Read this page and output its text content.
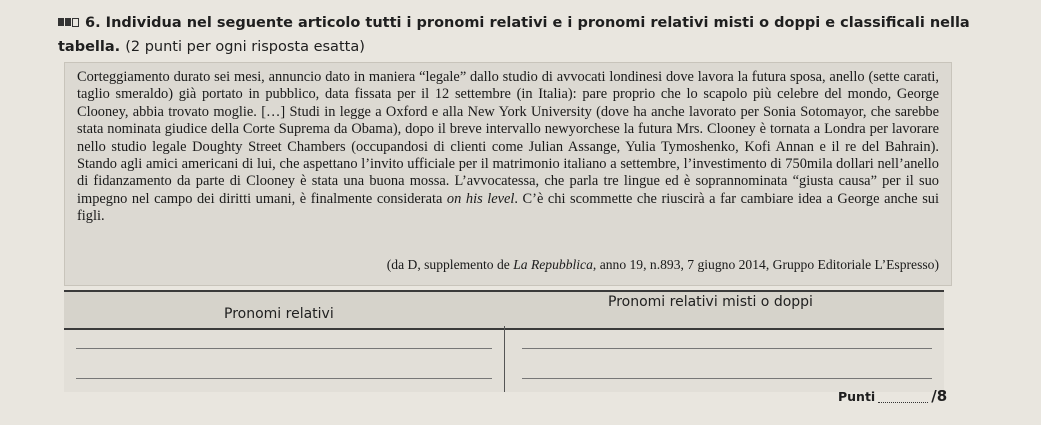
6. Individua nel seguente articolo tutti i pronomi relativi e i pronomi relativi misti o doppi e classificali nella tabella. (2 punti per ogni risposta esatta)
Corteggiamento durato sei mesi, annuncio dato in maniera “legale” dallo studio di avvocati londinesi dove lavora la futura sposa, anello (sette carati, taglio smeraldo) già portato in pubblico, data fissata per il 12 settembre (in Italia): pare proprio che lo scapolo più celebre del mondo, George Clooney, abbia trovato moglie. […] Studi in legge a Oxford e alla New York University (dove ha anche lavorato per Sonia Sotomayor, che sarebbe stata nominata giudice della Corte Suprema da Obama), dopo il breve intervallo newyorchese la futura Mrs. Clooney è tornata a Londra per lavorare nello studio legale Doughty Street Chambers (occupandosi di clienti come Julian Assange, Yulia Tymoshenko, Kofi Annan e il re del Bahrain). Stando agli amici americani di lui, che aspettano l’invito ufficiale per il matrimonio italiano a settembre, l’investimento di 750mila dollari nell’anello di fidanzamento da parte di Clooney è stata una buona mossa. L’avvocatessa, che parla tre lingue ed è soprannominata “giusta causa” per il suo impegno nel campo dei diritti umani, è finalmente considerata on his level. C’è chi scommette che riuscirà a far cambiare idea a George anche sui figli.
(da D, supplemento de La Repubblica, anno 19, n.893, 7 giugno 2014, Gruppo Editoriale L’Espresso)
Pronomi relativi
Pronomi relativi misti o doppi
Punti	/8
